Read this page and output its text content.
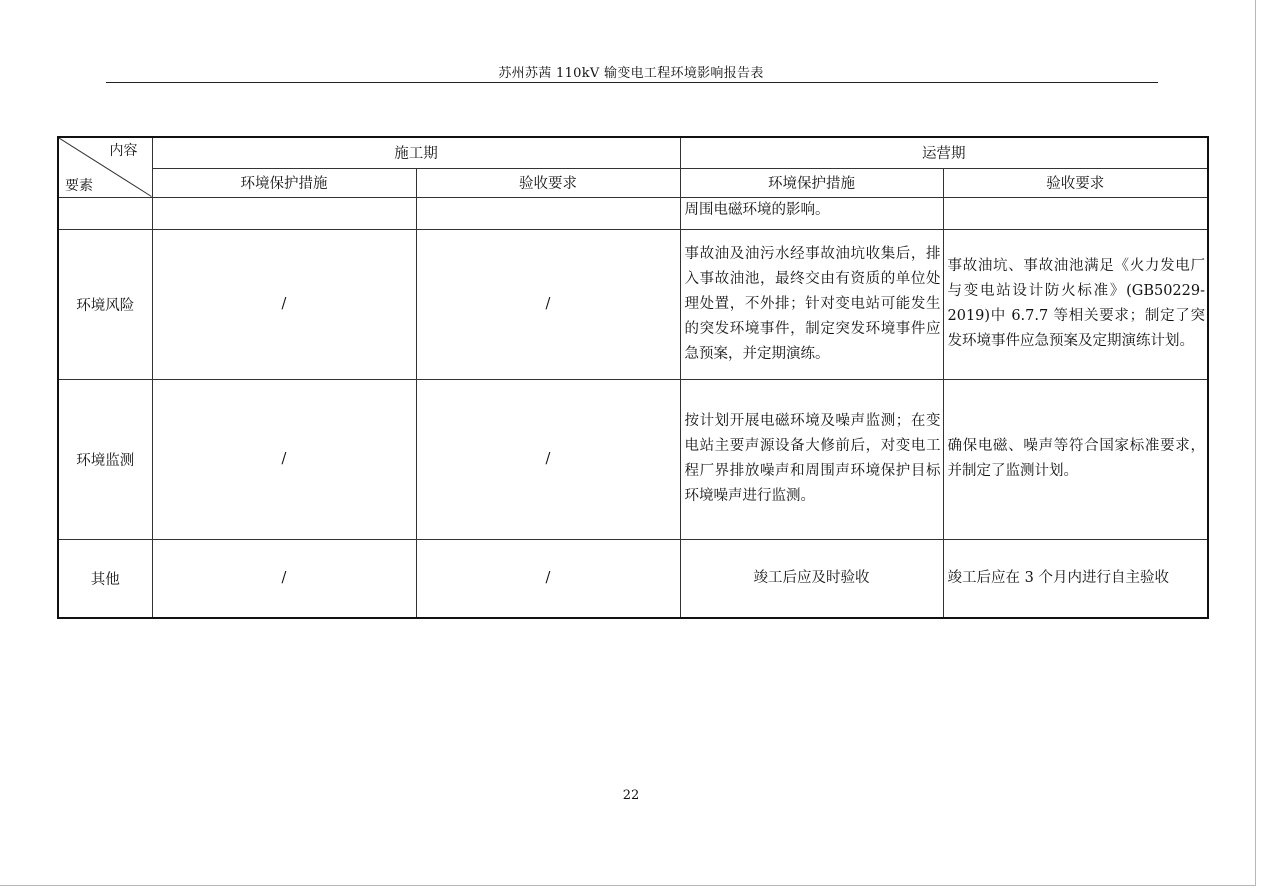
苏州苏茜 110kV 输变电工程环境影响报告表
内容
要素	施工期		运营期	
	环境保护措施	验收要求	环境保护措施	验收要求

			周围电磁环境的影响。	

环境风险	/	/	事故油及油污水经事故油坑收集后，排入事故油池，最终交由有资质的单位处理处置，不外排；针对变电站可能发生的突发环境事件，制定突发环境事件应急预案，并定期演练。	事故油坑、事故油池满足《火力发电厂与变电站设计防火标准》(GB50229-2019)中 6.7.7 等相关要求；制定了突发环境事件应急预案及定期演练计划。

环境监测	/	/	按计划开展电磁环境及噪声监测；在变电站主要声源设备大修前后，对变电工程厂界排放噪声和周围声环境保护目标环境噪声进行监测。	确保电磁、噪声等符合国家标准要求，并制定了监测计划。

其他	/	/	竣工后应及时验收	竣工后应在 3 个月内进行自主验收
22
